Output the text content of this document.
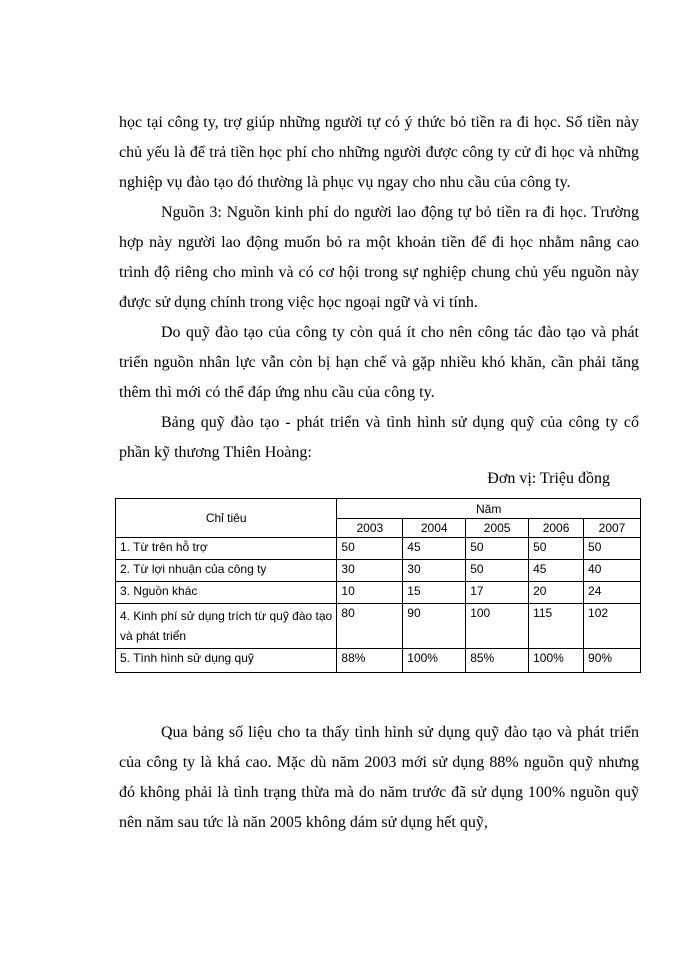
học tại công ty, trợ giúp những người tự có ý thức bỏ tiền ra đi học. Số tiền này chủ yếu là để trả tiền học phí cho những người được công ty cử đi học và những nghiệp vụ đào tạo đó thường là phục vụ ngay cho nhu cầu của công ty.

Nguồn 3: Nguồn kinh phí do người lao động tự bỏ tiền ra đi học. Trường hợp này người lao động muốn bỏ ra một khoản tiền để đi học nhằm nâng cao trình độ riêng cho mình và có cơ hội trong sự nghiệp chung chủ yếu nguồn này được sử dụng chính trong việc học ngoại ngữ và vi tính.

Do quỹ đào tạo của công ty còn quá ít cho nên công tác đào tạo và phát triển nguồn nhân lực vẫn còn bị hạn chế và gặp nhiều khó khăn, cần phải tăng thêm thì mới có thể đáp ứng nhu cầu của công ty.

Bảng quỹ đào tạo - phát triển và tình hình sử dụng quỹ của công ty cổ phần kỹ thương Thiên Hoàng:

Đơn vị: Triệu đồng
Chỉ tiêu	Năm				
	2003	2004	2005	2006	2007
1. Từ trên hỗ trợ	50	45	50	50	50
2. Từ lợi nhuận của công ty	30	30	50	45	40
3. Nguồn khác	10	15	17	20	24
4. Kinh phí sử dụng trích từ quỹ đào tạo và phát triển	80	90	100	115	102
5. Tình hình sử dụng quỹ	88%	100%	85%	100%	90%

Qua bảng số liệu cho ta thấy tình hình sử dụng quỹ đào tạo và phát triển của công ty là khá cao. Mặc dù năm 2003 mới sử dụng 88% nguồn quỹ nhưng đó không phải là tình trạng thừa mà do năm trước đã sử dụng 100% nguồn quỹ nên năm sau tức là năn 2005 không dám sử dụng hết quỹ,
